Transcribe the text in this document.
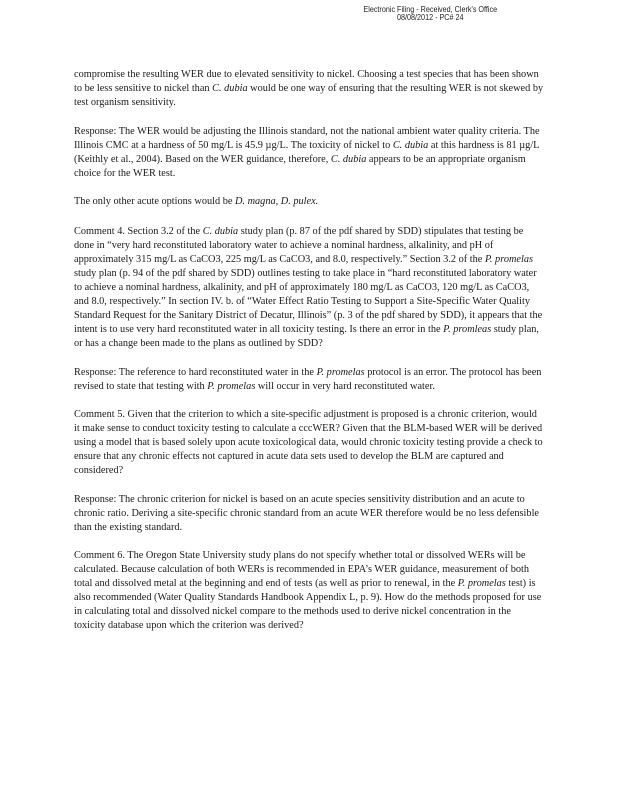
Electronic Filing - Received, Clerk's Office
08/08/2012 - PC# 24

compromise the resulting WER due to elevated sensitivity to nickel. Choosing a test species that has been shown to be less sensitive to nickel than C. dubia would be one way of ensuring that the resulting WER is not skewed by test organism sensitivity.

Response: The WER would be adjusting the Illinois standard, not the national ambient water quality criteria. The Illinois CMC at a hardness of 50 mg/L is 45.9 µg/L. The toxicity of nickel to C. dubia at this hardness is 81 µg/L (Keithly et al., 2004). Based on the WER guidance, therefore, C. dubia appears to be an appropriate organism choice for the WER test.

The only other acute options would be D. magna, D. pulex.

Comment 4. Section 3.2 of the C. dubia study plan (p. 87 of the pdf shared by SDD) stipulates that testing be done in “very hard reconstituted laboratory water to achieve a nominal hardness, alkalinity, and pH of approximately 315 mg/L as CaCO3, 225 mg/L as CaCO3, and 8.0, respectively.” Section 3.2 of the P. promelas study plan (p. 94 of the pdf shared by SDD) outlines testing to take place in “hard reconstituted laboratory water to achieve a nominal hardness, alkalinity, and pH of approximately 180 mg/L as CaCO3, 120 mg/L as CaCO3, and 8.0, respectively.” In section IV. b. of “Water Effect Ratio Testing to Support a Site-Specific Water Quality Standard Request for the Sanitary District of Decatur, Illinois” (p. 3 of the pdf shared by SDD), it appears that the intent is to use very hard reconstituted water in all toxicity testing. Is there an error in the P. promleas study plan, or has a change been made to the plans as outlined by SDD?

Response: The reference to hard reconstituted water in the P. promelas protocol is an error. The protocol has been revised to state that testing with P. promelas will occur in very hard reconstituted water.

Comment 5. Given that the criterion to which a site-specific adjustment is proposed is a chronic criterion, would it make sense to conduct toxicity testing to calculate a cccWER? Given that the BLM-based WER will be derived using a model that is based solely upon acute toxicological data, would chronic toxicity testing provide a check to ensure that any chronic effects not captured in acute data sets used to develop the BLM are captured and considered?

Response: The chronic criterion for nickel is based on an acute species sensitivity distribution and an acute to chronic ratio. Deriving a site-specific chronic standard from an acute WER therefore would be no less defensible than the existing standard.

Comment 6. The Oregon State University study plans do not specify whether total or dissolved WERs will be calculated. Because calculation of both WERs is recommended in EPA’s WER guidance, measurement of both total and dissolved metal at the beginning and end of tests (as well as prior to renewal, in the P. promelas test) is also recommended (Water Quality Standards Handbook Appendix L, p. 9). How do the methods proposed for use in calculating total and dissolved nickel compare to the methods used to derive nickel concentration in the toxicity database upon which the criterion was derived?
